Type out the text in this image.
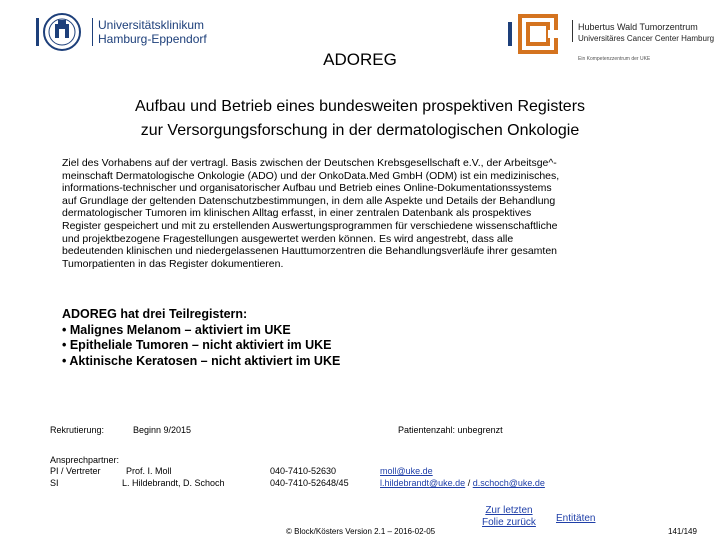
Universitätsklinikum
Hamburg-Eppendorf
Hubertus Wald Tumorzentrum
Universitäres Cancer Center Hamburg
Ein Kompetenzzentrum der UKE
ADOREG
Aufbau und Betrieb eines bundesweiten prospektiven Registers
zur Versorgungsforschung in der dermatologischen Onkologie
Ziel des Vorhabens auf der vertragl. Basis zwischen der Deutschen Krebsgesellschaft e.V., der Arbeitsge^-
meinschaft Dermatologische Onkologie (ADO) und der OnkoData.Med GmbH (ODM) ist ein medizinisches,
informations-technischer und organisatorischer Aufbau und Betrieb eines Online-Dokumentationssystems
auf Grundlage der geltenden Datenschutzbestimmungen, in dem alle Aspekte und Details der Behandlung
dermatologischer Tumoren im klinischen Alltag erfasst, in einer zentralen Datenbank als prospektives
Register gespeichert und mit zu erstellenden Auswertungsprogrammen für verschiedene wissenschaftliche
und projektbezogene Fragestellungen ausgewertet werden können. Es wird angestrebt, dass alle
bedeutenden klinischen und niedergelassenen Hauttumorzentren die Behandlungsverläufe ihrer gesamten
Tumorpatienten in das Register dokumentieren.
ADOREG hat drei Teilregistern:
• Malignes Melanom – aktiviert im UKE
• Epitheliale Tumoren – nicht aktiviert im UKE
• Aktinische Keratosen – nicht aktiviert im UKE
Rekrutierung:	Beginn 9/2015	Patientenzahl: unbegrenzt
Ansprechpartner:
PI / Vertreter	Prof. I. Moll	040-7410-52630	moll@uke.de
SI	L. Hildebrandt, D. Schoch	040-7410-52648/45	l.hildebrandt@uke.de / d.schoch@uke.de
© Block/Kösters Version 2.1 – 2016-02-05
Zur letzten
Folie zurück Entitäten
141/149
